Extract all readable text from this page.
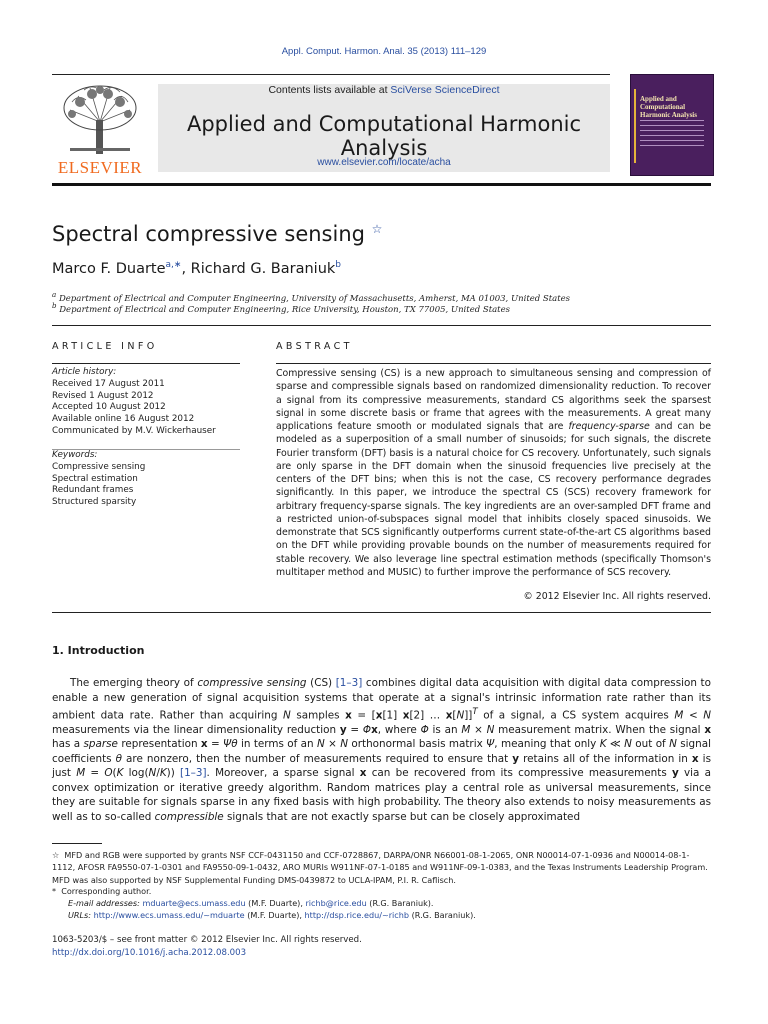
Appl. Comput. Harmon. Anal. 35 (2013) 111–129
ELSEVIER
Contents lists available at SciVerse ScienceDirect
Applied and Computational Harmonic Analysis
www.elsevier.com/locate/acha
Applied and Computational Harmonic Analysis
Spectral compressive sensing ☆
Marco F. Duarte$^{a,∗}$, Richard G. Baraniuk$^b$
$^a$ Department of Electrical and Computer Engineering, University of Massachusetts, Amherst, MA 01003, United States
$^b$ Department of Electrical and Computer Engineering, Rice University, Houston, TX 77005, United States
ARTICLE INFO
Article history:
Received 17 August 2011
Revised 1 August 2012
Accepted 10 August 2012
Available online 16 August 2012
Communicated by M.V. Wickerhauser
Keywords:
Compressive sensing
Spectral estimation
Redundant frames
Structured sparsity
ABSTRACT
Compressive sensing (CS) is a new approach to simultaneous sensing and compression of sparse and compressible signals based on randomized dimensionality reduction. To recover a signal from its compressive measurements, standard CS algorithms seek the sparsest signal in some discrete basis or frame that agrees with the measurements. A great many applications feature smooth or modulated signals that are frequency-sparse and can be modeled as a superposition of a small number of sinusoids; for such signals, the discrete Fourier transform (DFT) basis is a natural choice for CS recovery. Unfortunately, such signals are only sparse in the DFT domain when the sinusoid frequencies live precisely at the centers of the DFT bins; when this is not the case, CS recovery performance degrades significantly. In this paper, we introduce the spectral CS (SCS) recovery framework for arbitrary frequency-sparse signals. The key ingredients are an over-sampled DFT frame and a restricted union-of-subspaces signal model that inhibits closely spaced sinusoids. We demonstrate that SCS significantly outperforms current state-of-the-art CS algorithms based on the DFT while providing provable bounds on the number of measurements required for stable recovery. We also leverage line spectral estimation methods (specifically Thomson's multitaper method and MUSIC) to further improve the performance of SCS recovery.
© 2012 Elsevier Inc. All rights reserved.
1. Introduction

The emerging theory of compressive sensing (CS) [1–3] combines digital data acquisition with digital data compression to enable a new generation of signal acquisition systems that operate at a signal's intrinsic information rate rather than its ambient data rate. Rather than acquiring N samples x = [x[1] x[2] … x[N]]$^T$ of a signal, a CS system acquires M < N measurements via the linear dimensionality reduction y = Φx, where Φ is an M × N measurement matrix. When the signal x has a sparse representation x = Ψθ in terms of an N × N orthonormal basis matrix Ψ, meaning that only K ≪ N out of N signal coefficients θ are nonzero, then the number of measurements required to ensure that y retains all of the information in x is just M = O(K log(N/K)) [1–3]. Moreover, a sparse signal x can be recovered from its compressive measurements y via a convex optimization or iterative greedy algorithm. Random matrices play a central role as universal measurements, since they are suitable for signals sparse in any fixed basis with high probability. The theory also extends to noisy measurements as well as to so-called compressible signals that are not exactly sparse but can be closely approximated

☆ MFD and RGB were supported by grants NSF CCF-0431150 and CCF-0728867, DARPA/ONR N66001-08-1-2065, ONR N00014-07-1-0936 and N00014-08-1-1112, AFOSR FA9550-07-1-0301 and FA9550-09-1-0432, ARO MURIs W911NF-07-1-0185 and W911NF-09-1-0383, and the Texas Instruments Leadership Program. MFD was also supported by NSF Supplemental Funding DMS-0439872 to UCLA-IPAM, P.I. R. Caflisch.
* Corresponding author.
E-mail addresses: mduarte@ecs.umass.edu (M.F. Duarte), richb@rice.edu (R.G. Baraniuk).
URLs: http://www.ecs.umass.edu/~mduarte (M.F. Duarte), http://dsp.rice.edu/~richb (R.G. Baraniuk).
1063-5203/$ – see front matter © 2012 Elsevier Inc. All rights reserved.
http://dx.doi.org/10.1016/j.acha.2012.08.003
